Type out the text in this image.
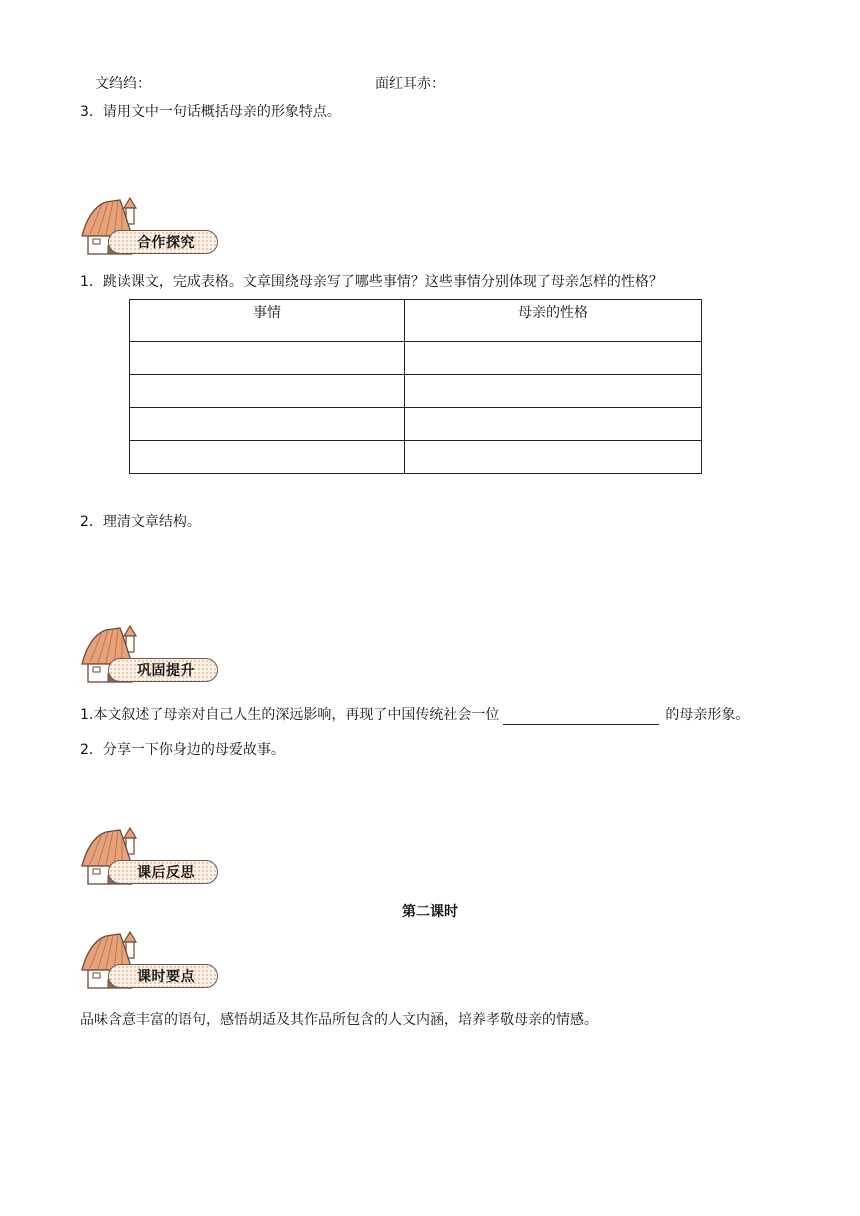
文绉绉：	面红耳赤：
3．请用文中一句话概括母亲的形象特点。
合作探究
1．跳读课文，完成表格。文章围绕母亲写了哪些事情？这些事情分别体现了母亲怎样的性格？
事情	母亲的性格

2．理清文章结构。
巩固提升
1.本文叙述了母亲对自己人生的深远影响，再现了中国传统社会一位	的母亲形象。
2．分享一下你身边的母爱故事。
课后反思
第二课时
课时要点
品味含意丰富的语句，感悟胡适及其作品所包含的人文内涵，培养孝敬母亲的情感。
